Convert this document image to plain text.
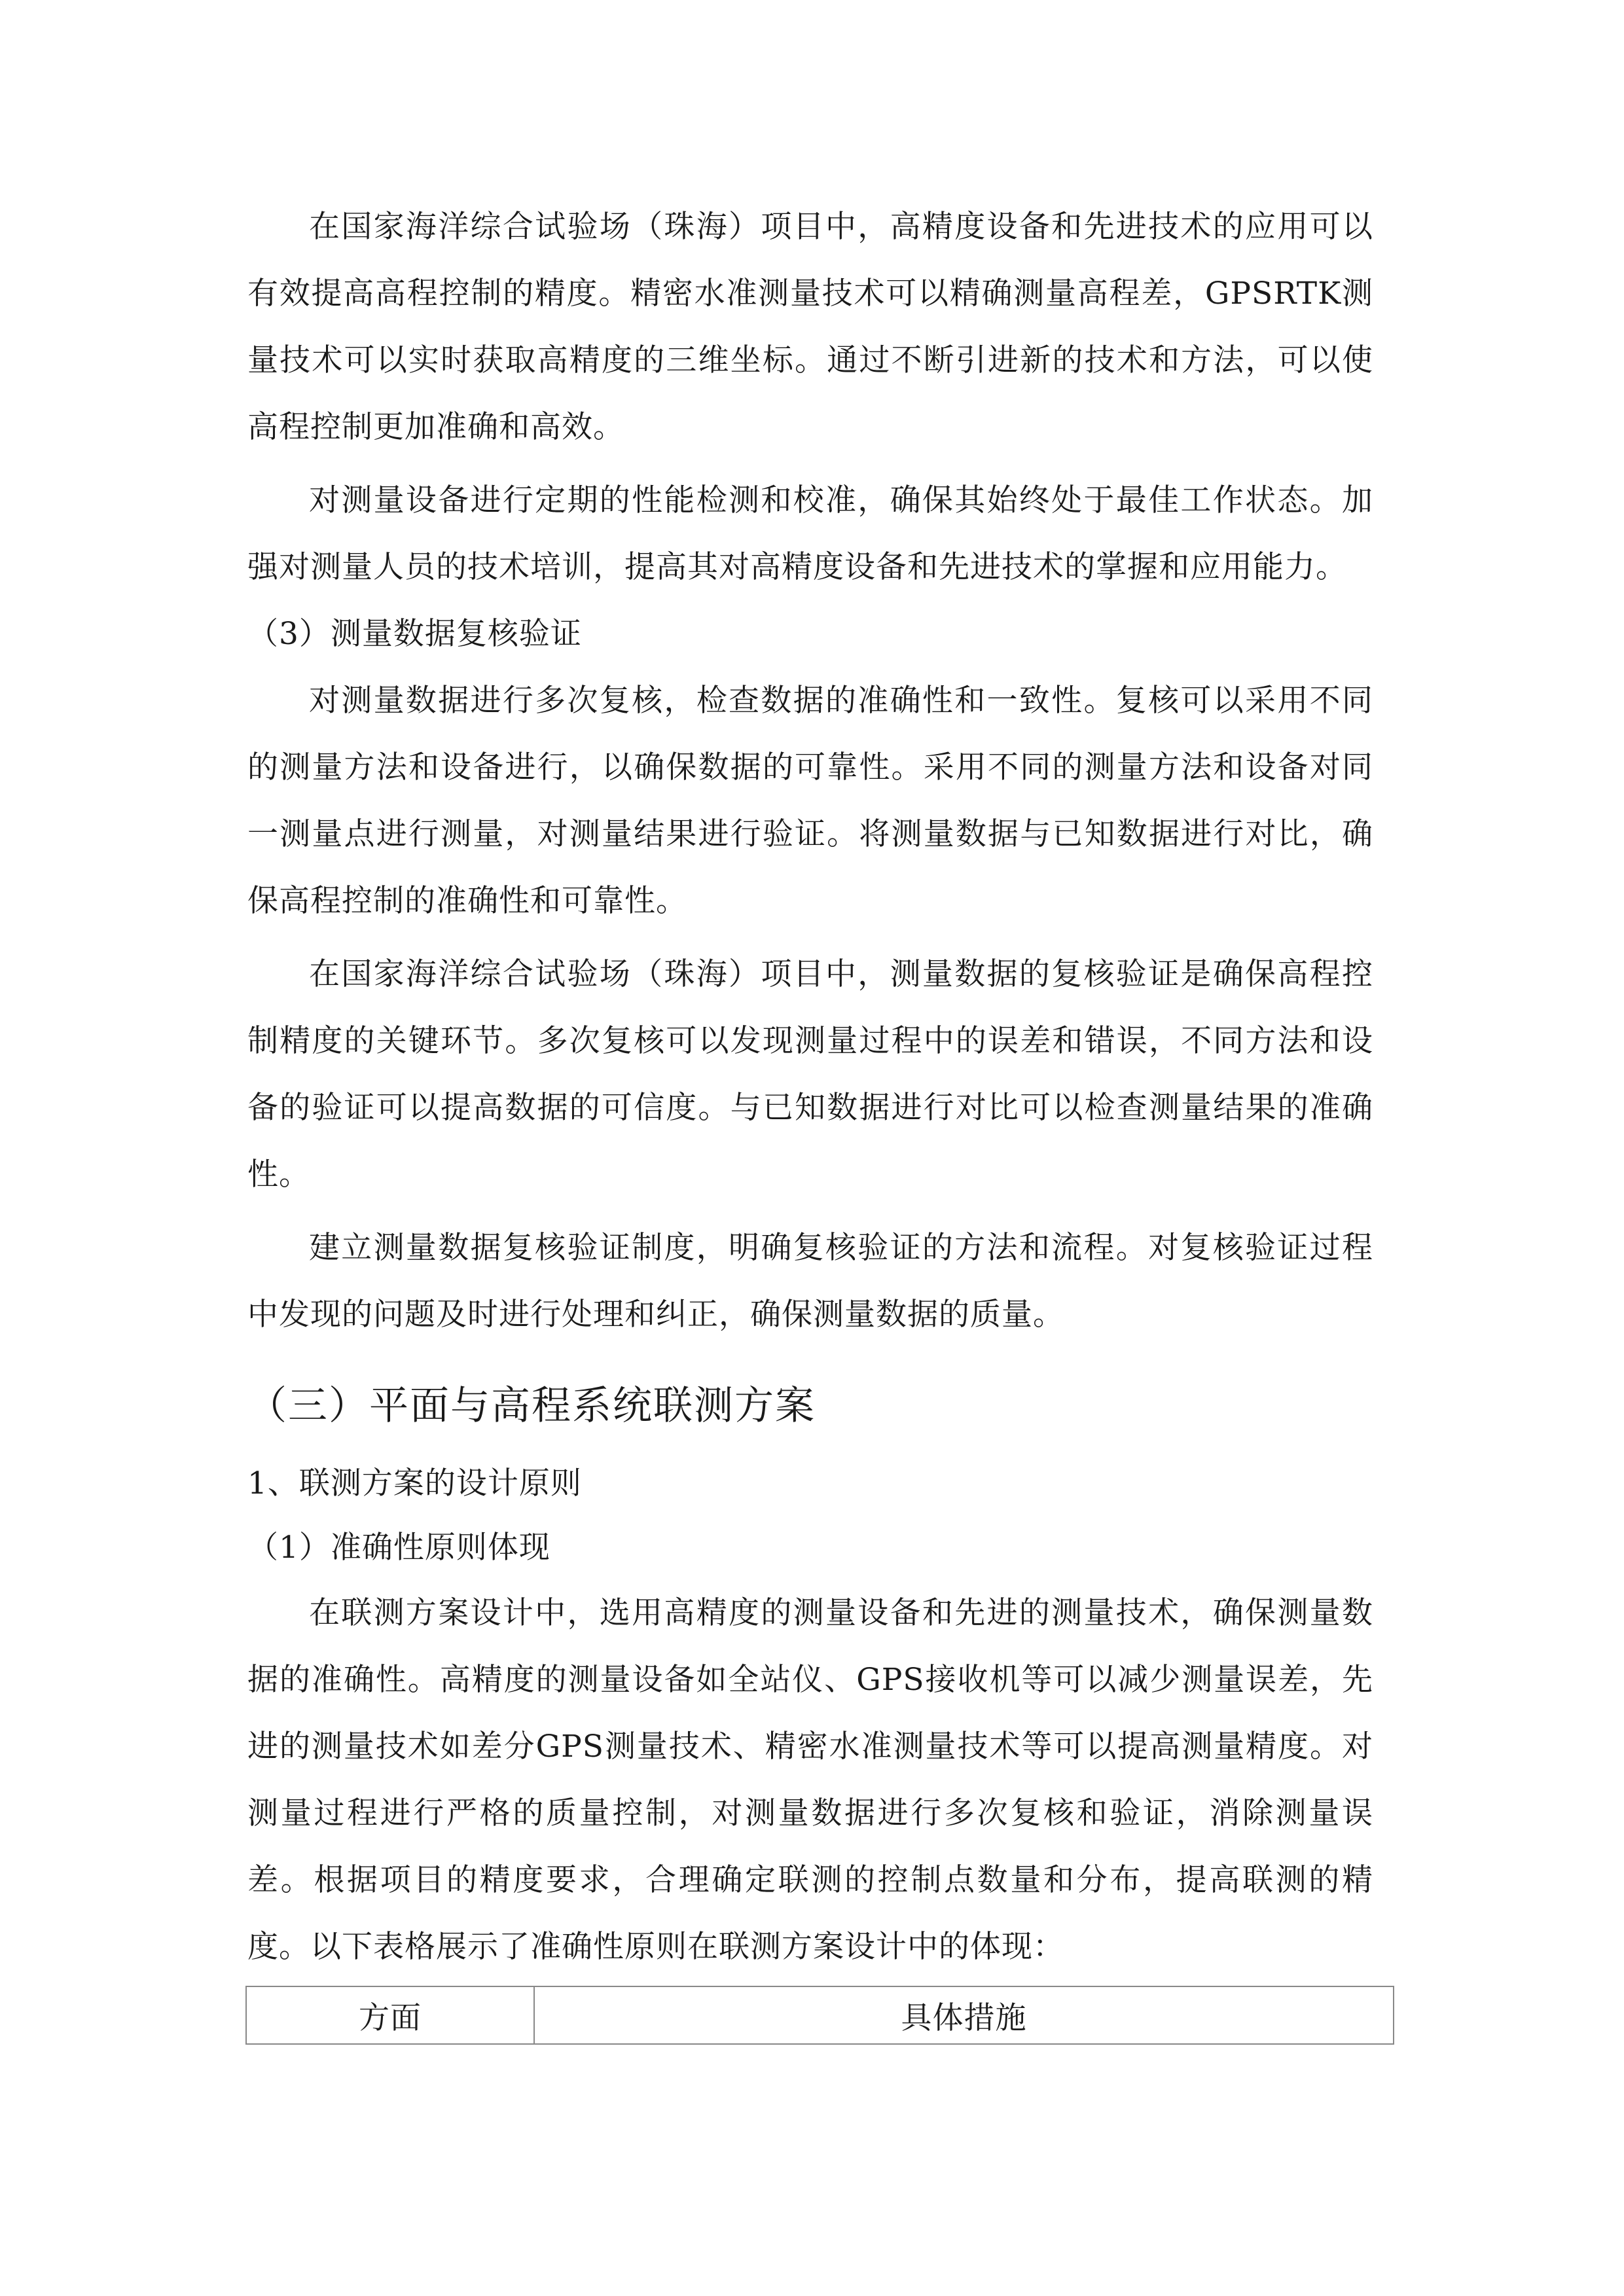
在国家海洋综合试验场（珠海）项目中，高精度设备和先进技术的应用可以有效提高高程控制的精度。精密水准测量技术可以精确测量高程差，GPSRTK测量技术可以实时获取高精度的三维坐标。通过不断引进新的技术和方法，可以使高程控制更加准确和高效。

对测量设备进行定期的性能检测和校准，确保其始终处于最佳工作状态。加强对测量人员的技术培训，提高其对高精度设备和先进技术的掌握和应用能力。

（3）测量数据复核验证

对测量数据进行多次复核，检查数据的准确性和一致性。复核可以采用不同的测量方法和设备进行，以确保数据的可靠性。采用不同的测量方法和设备对同一测量点进行测量，对测量结果进行验证。将测量数据与已知数据进行对比，确保高程控制的准确性和可靠性。

在国家海洋综合试验场（珠海）项目中，测量数据的复核验证是确保高程控制精度的关键环节。多次复核可以发现测量过程中的误差和错误，不同方法和设备的验证可以提高数据的可信度。与已知数据进行对比可以检查测量结果的准确性。

建立测量数据复核验证制度，明确复核验证的方法和流程。对复核验证过程中发现的问题及时进行处理和纠正，确保测量数据的质量。

（三）平面与高程系统联测方案

1、联测方案的设计原则

（1）准确性原则体现

在联测方案设计中，选用高精度的测量设备和先进的测量技术，确保测量数据的准确性。高精度的测量设备如全站仪、GPS接收机等可以减少测量误差，先进的测量技术如差分GPS测量技术、精密水准测量技术等可以提高测量精度。对测量过程进行严格的质量控制，对测量数据进行多次复核和验证，消除测量误差。根据项目的精度要求，合理确定联测的控制点数量和分布，提高联测的精度。以下表格展示了准确性原则在联测方案设计中的体现：

方面	具体措施
